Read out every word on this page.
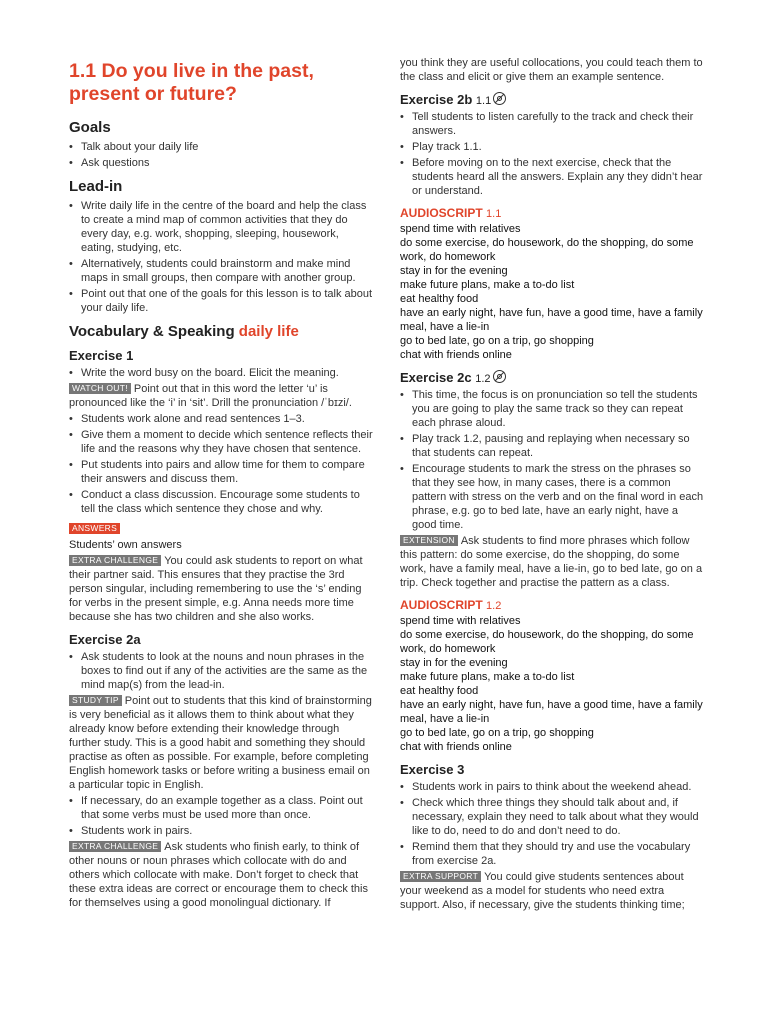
1.1 Do you live in the past, present or future?
Goals
• Talk about your daily life
• Ask questions
Lead-in
• Write daily life in the centre of the board and help the class to create a mind map of common activities that they do every day, e.g. work, shopping, sleeping, housework, eating, studying, etc.
• Alternatively, students could brainstorm and make mind maps in small groups, then compare with another group.
• Point out that one of the goals for this lesson is to talk about your daily life.
Vocabulary & Speaking daily life
Exercise 1
• Write the word busy on the board. Elicit the meaning.

WATCH OUT! Point out that in this word the letter ‘u’ is pronounced like the ‘i’ in ‘sit’. Drill the pronunciation /ˈbɪzi/.

• Students work alone and read sentences 1–3.
• Give them a moment to decide which sentence reflects their life and the reasons why they have chosen that sentence.
• Put students into pairs and allow time for them to compare their answers and discuss them.
• Conduct a class discussion. Encourage some students to tell the class which sentence they chose and why.

ANSWERS

Students’ own answers

EXTRA CHALLENGE You could ask students to report on what their partner said. This ensures that they practise the 3rd person singular, including remembering to use the ‘s’ ending for verbs in the present simple, e.g. Anna needs more time because she has two children and she also works.

Exercise 2a
• Ask students to look at the nouns and noun phrases in the boxes to find out if any of the activities are the same as the mind map(s) from the lead-in.

STUDY TIP Point out to students that this kind of brainstorming is very beneficial as it allows them to think about what they already know before extending their knowledge through further study. This is a good habit and something they should practise as often as possible. For example, before completing English homework tasks or before writing a business email on a particular topic in English.

• If necessary, do an example together as a class. Point out that some verbs must be used more than once.
• Students work in pairs.

EXTRA CHALLENGE Ask students who finish early, to think of other nouns or noun phrases which collocate with do and others which collocate with make. Don’t forget to check that these extra ideas are correct or encourage them to check this for themselves using a good monolingual dictionary. If

you think they are useful collocations, you could teach them to the class and elicit or give them an example sentence.

Exercise 2b 1.1
• Tell students to listen carefully to the track and check their answers.
• Play track 1.1.
• Before moving on to the next exercise, check that the students heard all the answers. Explain any they didn’t hear or understand.
AUDIOSCRIPT 1.1
spend time with relatives
do some exercise, do housework, do the shopping, do some work, do homework
stay in for the evening
make future plans, make a to-do list
eat healthy food
have an early night, have fun, have a good time, have a family meal, have a lie-in
go to bed late, go on a trip, go shopping
chat with friends online
Exercise 2c 1.2
• This time, the focus is on pronunciation so tell the students you are going to play the same track so they can repeat each phrase aloud.
• Play track 1.2, pausing and replaying when necessary so that students can repeat.
• Encourage students to mark the stress on the phrases so that they see how, in many cases, there is a common pattern with stress on the verb and on the final word in each phrase, e.g. go to bed late, have an early night, have a good time.

EXTENSION Ask students to find more phrases which follow this pattern: do some exercise, do the shopping, do some work, have a family meal, have a lie-in, go to bed late, go on a trip. Check together and practise the pattern as a class.

AUDIOSCRIPT 1.2
spend time with relatives
do some exercise, do housework, do the shopping, do some work, do homework
stay in for the evening
make future plans, make a to-do list
eat healthy food
have an early night, have fun, have a good time, have a family meal, have a lie-in
go to bed late, go on a trip, go shopping
chat with friends online
Exercise 3
• Students work in pairs to think about the weekend ahead.
• Check which three things they should talk about and, if necessary, explain they need to talk about what they would like to do, need to do and don’t need to do.
• Remind them that they should try and use the vocabulary from exercise 2a.

EXTRA SUPPORT You could give students sentences about your weekend as a model for students who need extra support. Also, if necessary, give the students thinking time;
